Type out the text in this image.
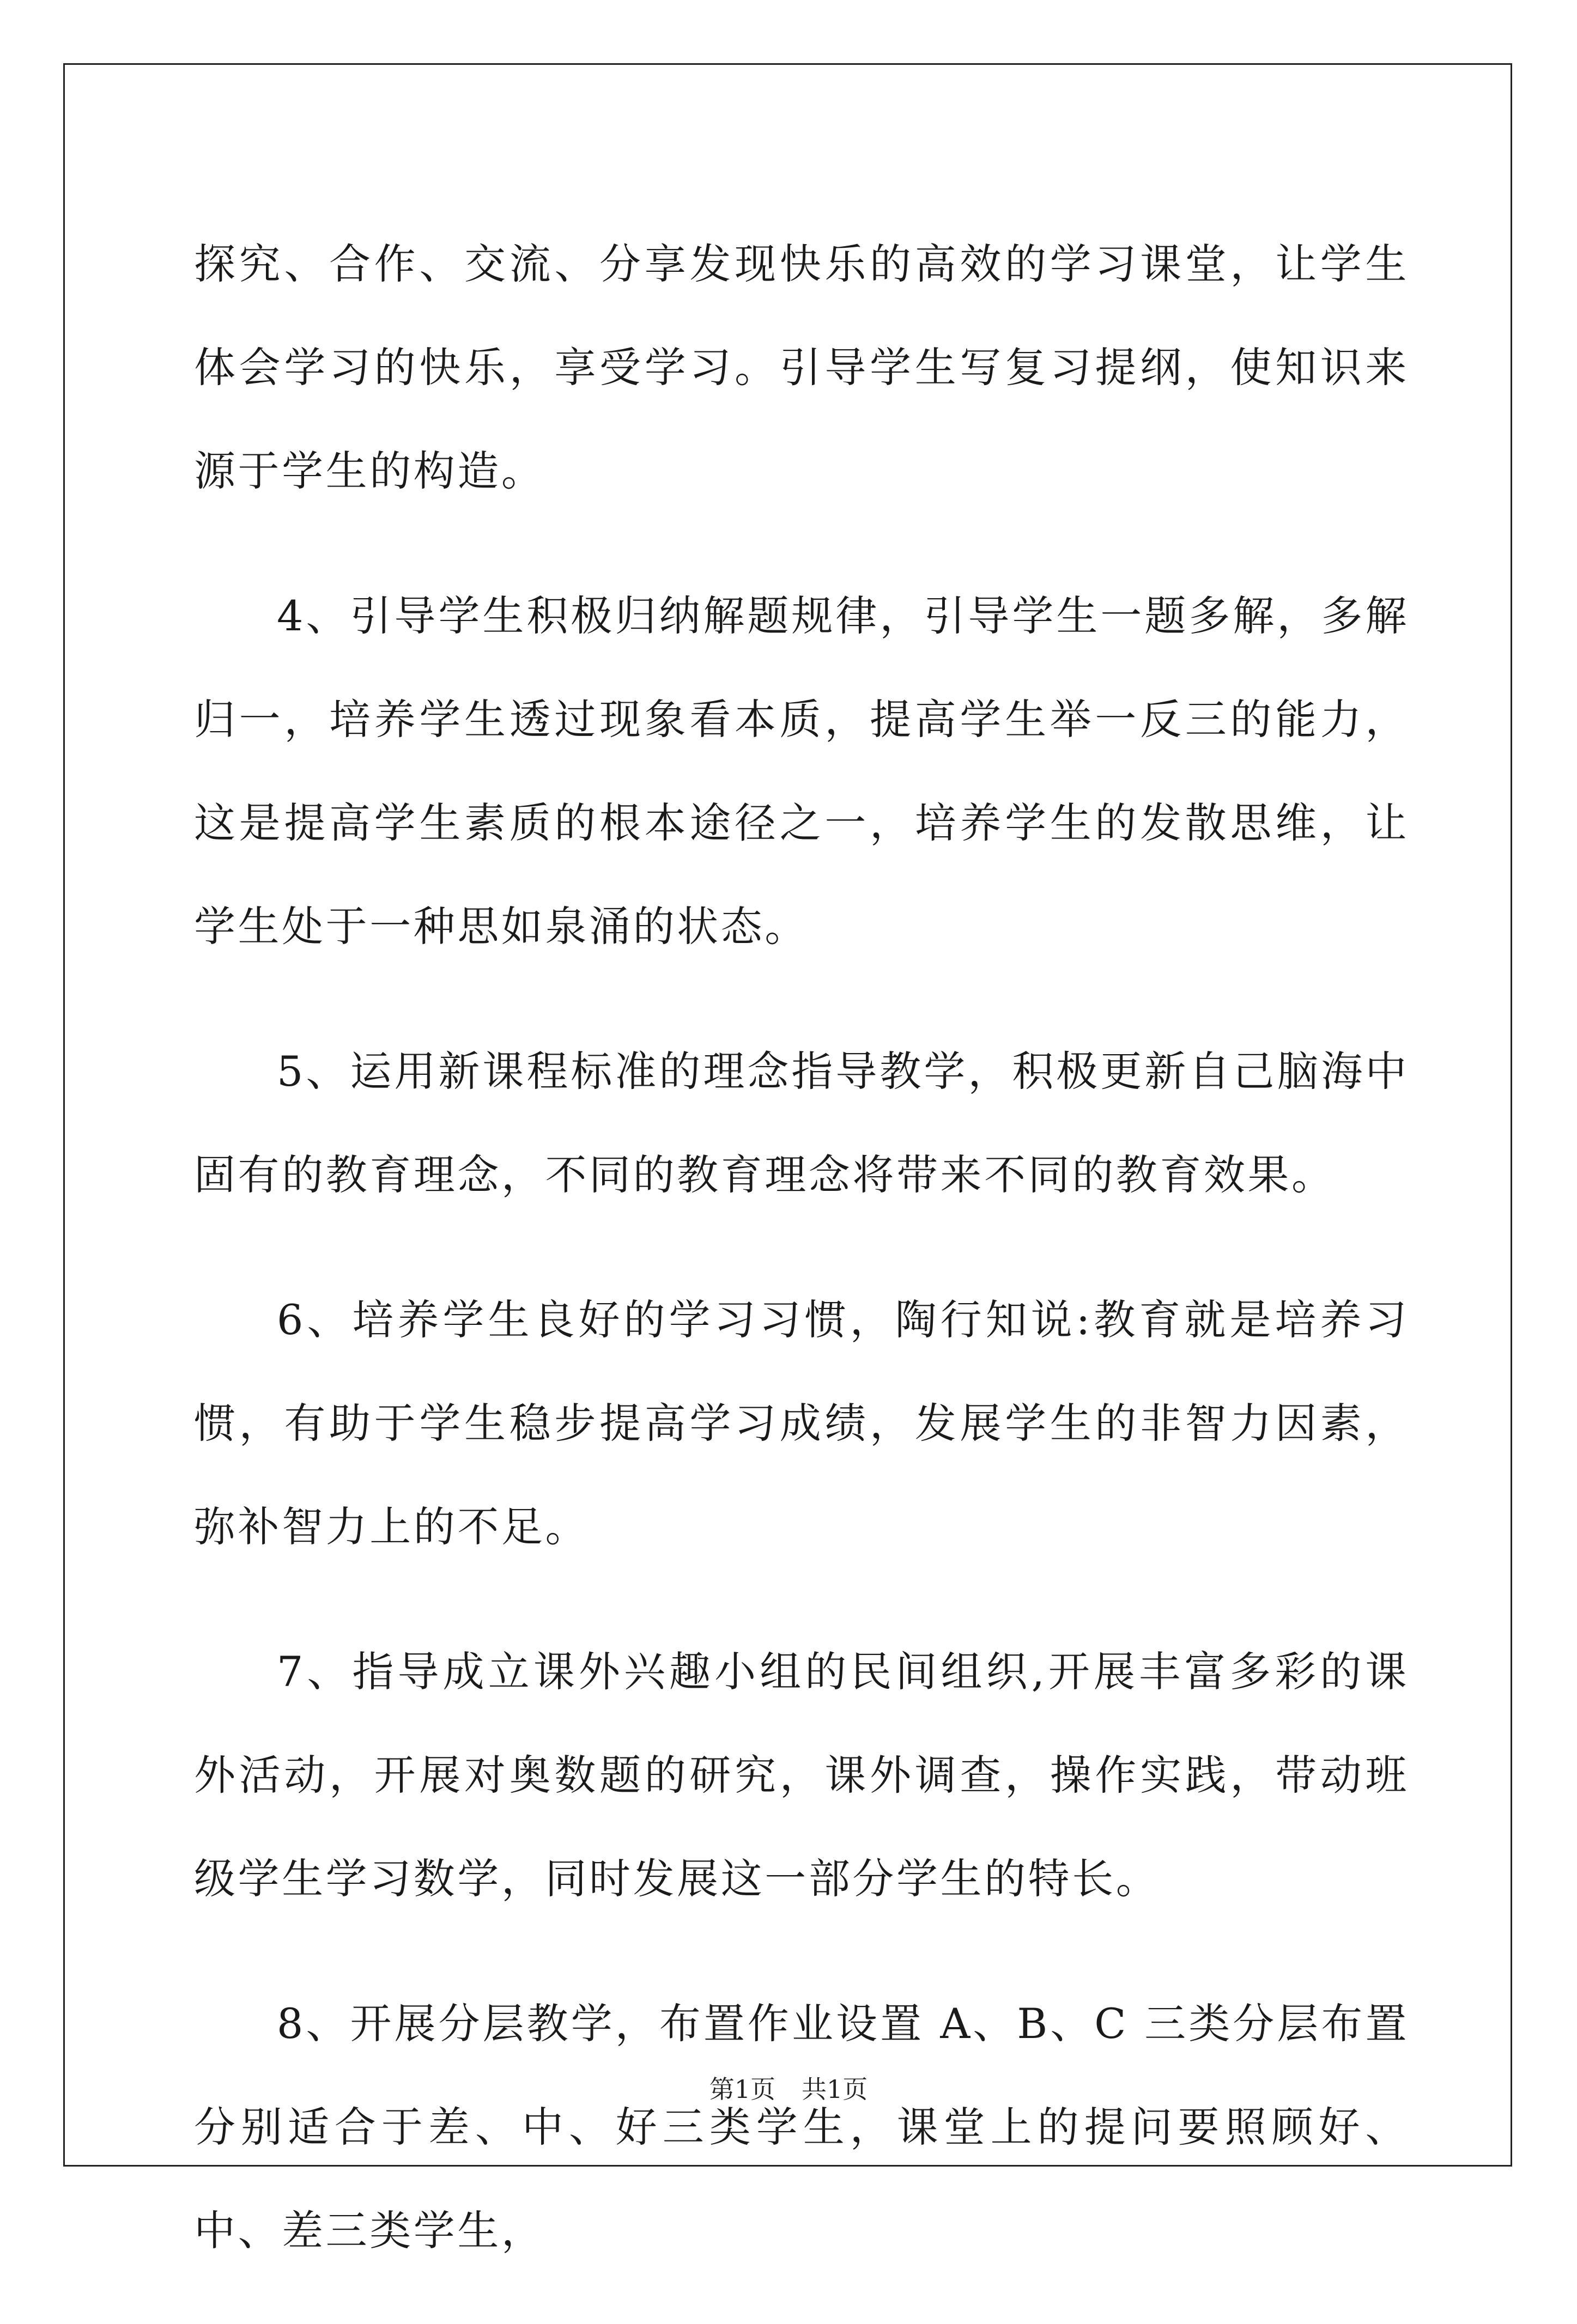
探究、合作、交流、分享发现快乐的高效的学习课堂，让学生体会学习的快乐，享受学习。引导学生写复习提纲，使知识来源于学生的构造。

4、引导学生积极归纳解题规律，引导学生一题多解，多解归一，培养学生透过现象看本质，提高学生举一反三的能力，这是提高学生素质的根本途径之一，培养学生的发散思维，让学生处于一种思如泉涌的状态。

5、运用新课程标准的理念指导教学，积极更新自己脑海中固有的教育理念，不同的教育理念将带来不同的教育效果。

6、培养学生良好的学习习惯，陶行知说:教育就是培养习惯，有助于学生稳步提高学习成绩，发展学生的非智力因素，弥补智力上的不足。

7、指导成立课外兴趣小组的民间组织,开展丰富多彩的课外活动，开展对奥数题的研究，课外调查，操作实践，带动班级学生学习数学，同时发展这一部分学生的特长。

8、开展分层教学，布置作业设置 A、B、C 三类分层布置分别适合于差、中、好三类学生，课堂上的提问要照顾好、中、差三类学生，

第1页 共1页
